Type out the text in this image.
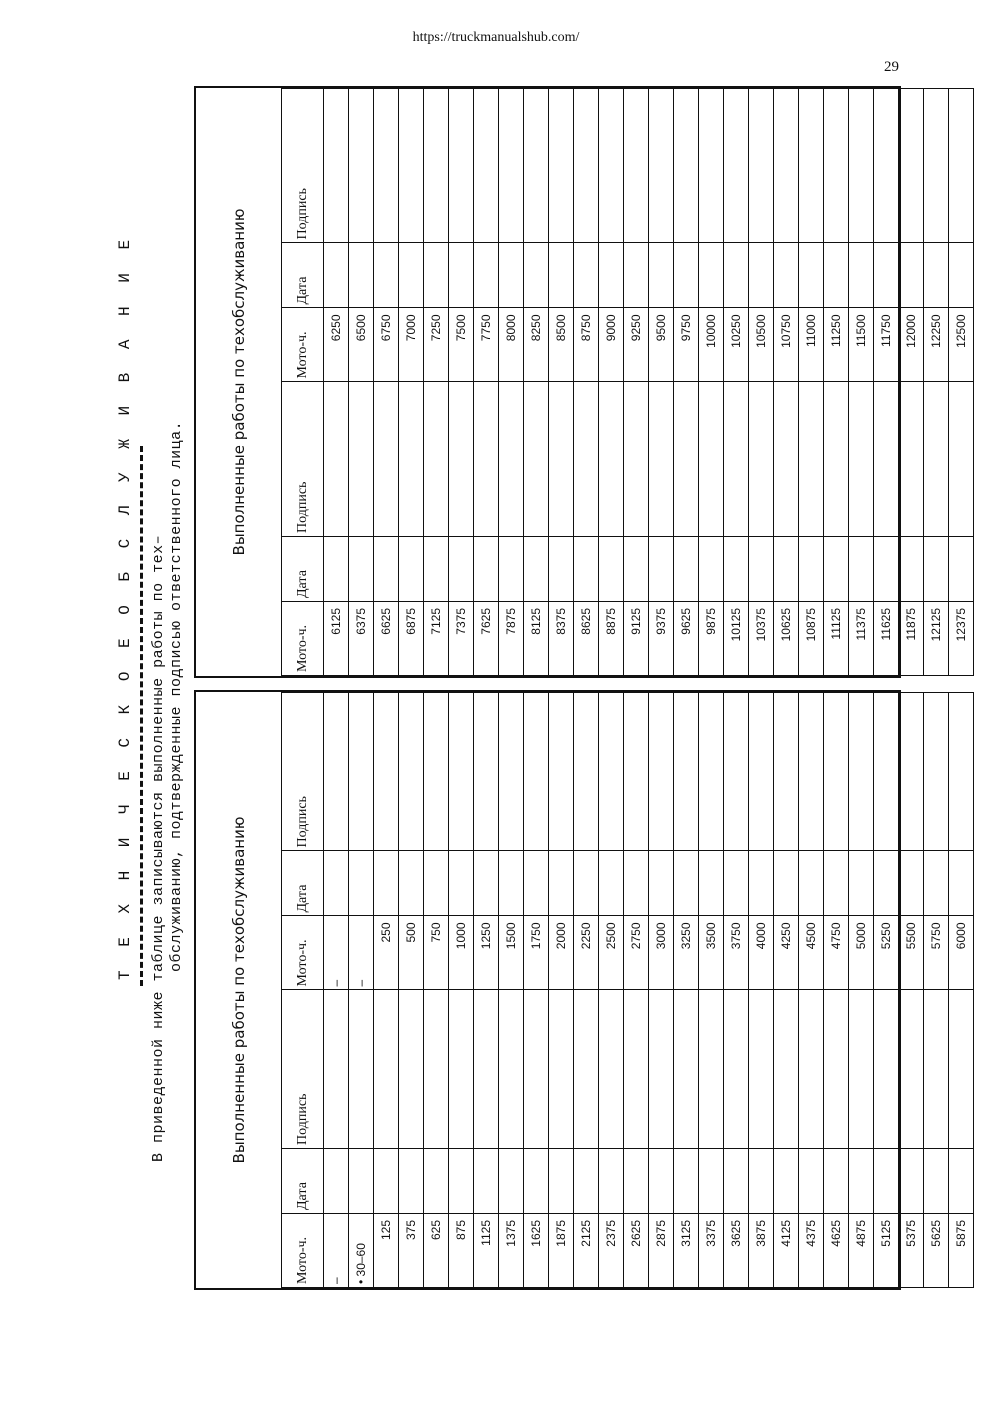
https://truckmanualshub.com/
29
Т Е Х Н И Ч Е С К О Е О Б С Л У Ж И В А Н И Е В приведенной ниже таблице записываются выполненные работы по тех– обслуживанию, подтвержденные подписью ответственного лица.
Выполненные работы по техобслуживанию
Мото-ч.	Дата	Подпись	Мото-ч.	Дата	Подпись
–			–		
• 30–60			–		
125			250		
375			500		
625			750		
875			1000		
1125			1250		
1375			1500		
1625			1750		
1875			2000		
2125			2250		
2375			2500		
2625			2750		
2875			3000		
3125			3250		
3375			3500		
3625			3750		
3875			4000		
4125			4250		
4375			4500		
4625			4750		
4875			5000		
5125			5250		
5375			5500		
5625			5750		
5875			6000		
Выполненные работы по техобслуживанию
Мото-ч.	Дата	Подпись	Мото-ч.	Дата	Подпись
6125			6250		
6375			6500		
6625			6750		
6875			7000		
7125			7250		
7375			7500		
7625			7750		
7875			8000		
8125			8250		
8375			8500		
8625			8750		
8875			9000		
9125			9250		
9375			9500		
9625			9750		
9875			10000		
10125			10250		
10375			10500		
10625			10750		
10875			11000		
11125			11250		
11375			11500		
11625			11750		
11875			12000		
12125			12250		
12375			12500		
